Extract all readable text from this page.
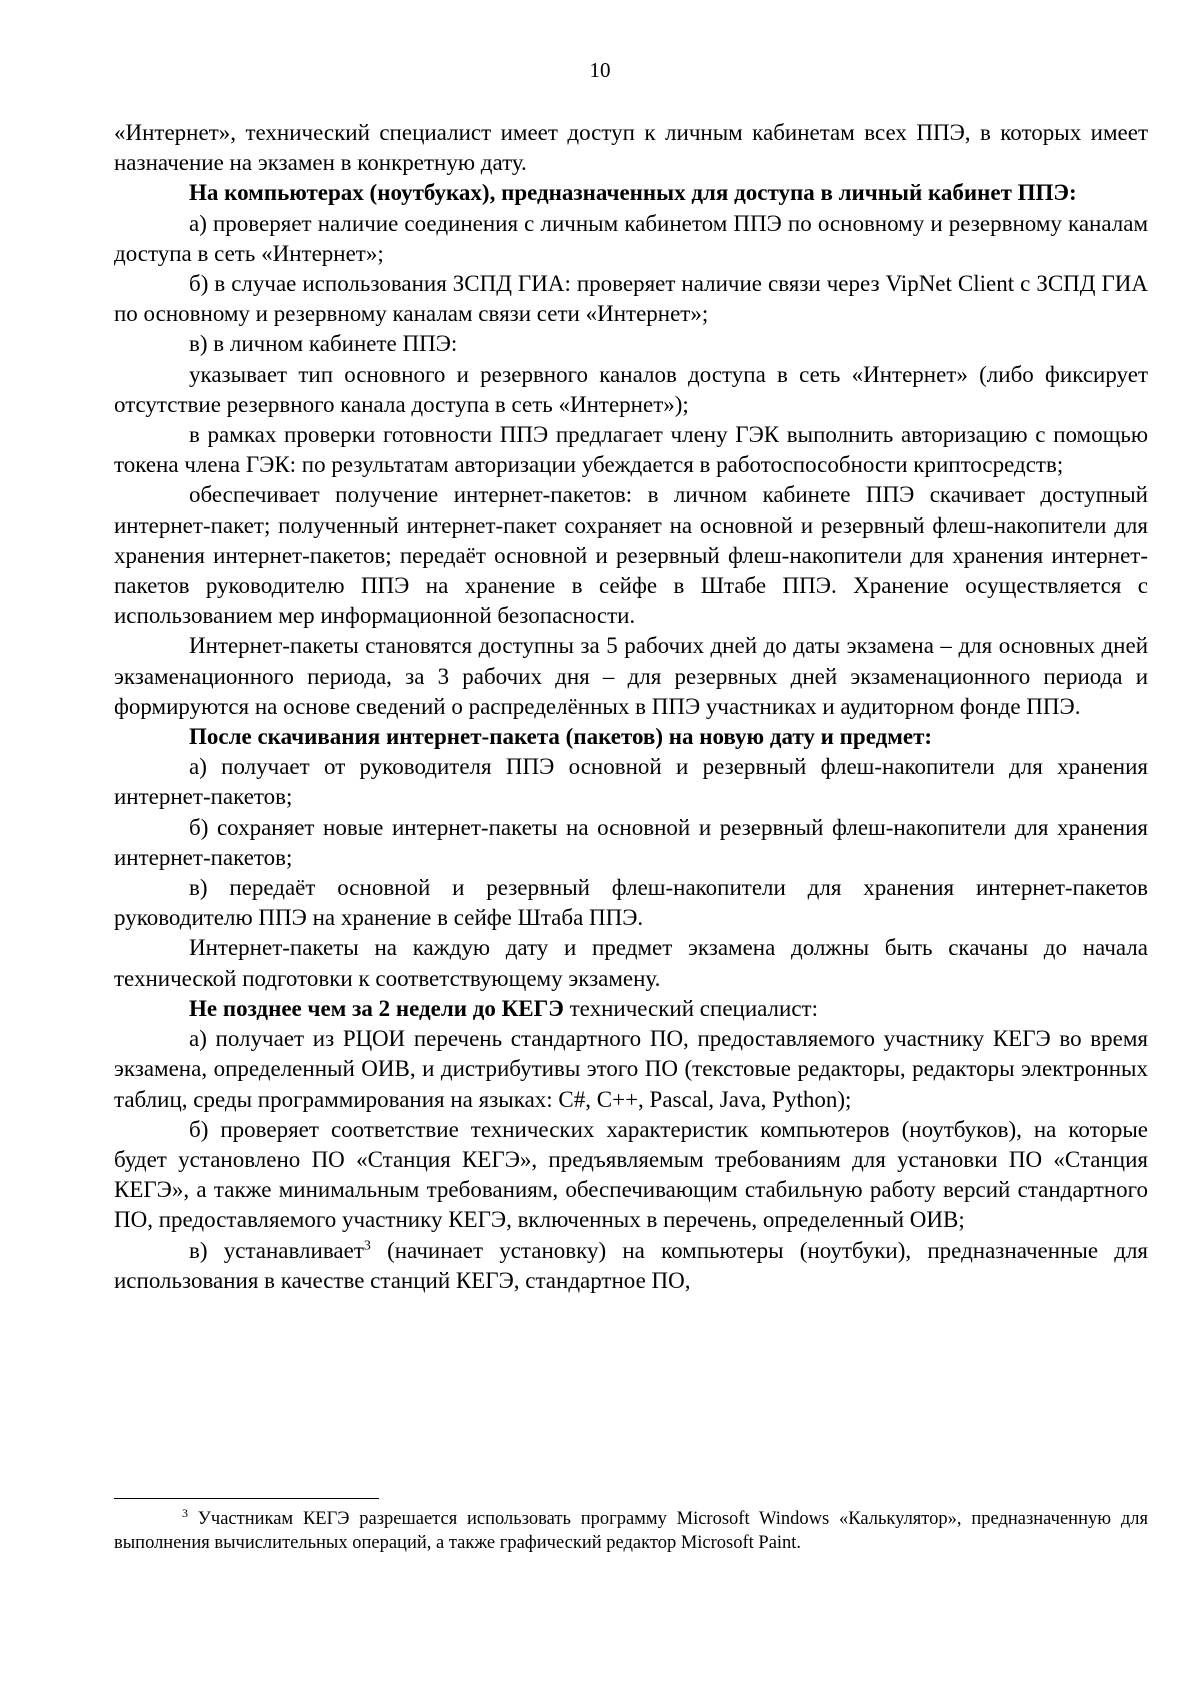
10

«Интернет», технический специалист имеет доступ к личным кабинетам всех ППЭ, в которых имеет назначение на экзамен в конкретную дату.

На компьютерах (ноутбуках), предназначенных для доступа в личный кабинет ППЭ:

а) проверяет наличие соединения с личным кабинетом ППЭ по основному и резервному каналам доступа в сеть «Интернет»;

б) в случае использования ЗСПД ГИА: проверяет наличие связи через VipNet Client с ЗСПД ГИА по основному и резервному каналам связи сети «Интернет»;

в) в личном кабинете ППЭ:

указывает тип основного и резервного каналов доступа в сеть «Интернет» (либо фиксирует отсутствие резервного канала доступа в сеть «Интернет»);

в рамках проверки готовности ППЭ предлагает члену ГЭК выполнить авторизацию с помощью токена члена ГЭК: по результатам авторизации убеждается в работоспособности криптосредств;

обеспечивает получение интернет-пакетов: в личном кабинете ППЭ скачивает доступный интернет-пакет; полученный интернет-пакет сохраняет на основной и резервный флеш-накопители для хранения интернет-пакетов; передаёт основной и резервный флеш-накопители для хранения интернет-пакетов руководителю ППЭ на хранение в сейфе в Штабе ППЭ. Хранение осуществляется с использованием мер информационной безопасности.

Интернет-пакеты становятся доступны за 5 рабочих дней до даты экзамена – для основных дней экзаменационного периода, за 3 рабочих дня – для резервных дней экзаменационного периода и формируются на основе сведений о распределённых в ППЭ участниках и аудиторном фонде ППЭ.

После скачивания интернет-пакета (пакетов) на новую дату и предмет:

а) получает от руководителя ППЭ основной и резервный флеш-накопители для хранения интернет-пакетов;

б) сохраняет новые интернет-пакеты на основной и резервный флеш-накопители для хранения интернет-пакетов;

в) передаёт основной и резервный флеш-накопители для хранения интернет-пакетов руководителю ППЭ на хранение в сейфе Штаба ППЭ.

Интернет-пакеты на каждую дату и предмет экзамена должны быть скачаны до начала технической подготовки к соответствующему экзамену.

Не позднее чем за 2 недели до КЕГЭ технический специалист:

а) получает из РЦОИ перечень стандартного ПО, предоставляемого участнику КЕГЭ во время экзамена, определенный ОИВ, и дистрибутивы этого ПО (текстовые редакторы, редакторы электронных таблиц, среды программирования на языках: C#, C++, Pascal, Java, Python);

б) проверяет соответствие технических характеристик компьютеров (ноутбуков), на которые будет установлено ПО «Станция КЕГЭ», предъявляемым требованиям для установки ПО «Станция КЕГЭ», а также минимальным требованиям, обеспечивающим стабильную работу версий стандартного ПО, предоставляемого участнику КЕГЭ, включенных в перечень, определенный ОИВ;

в) устанавливает$^3$ (начинает установку) на компьютеры (ноутбуки), предназначенные для использования в качестве станций КЕГЭ, стандартное ПО,

$^3$ Участникам КЕГЭ разрешается использовать программу Microsoft Windows «Калькулятор», предназначенную для выполнения вычислительных операций, а также графический редактор Microsoft Paint.
